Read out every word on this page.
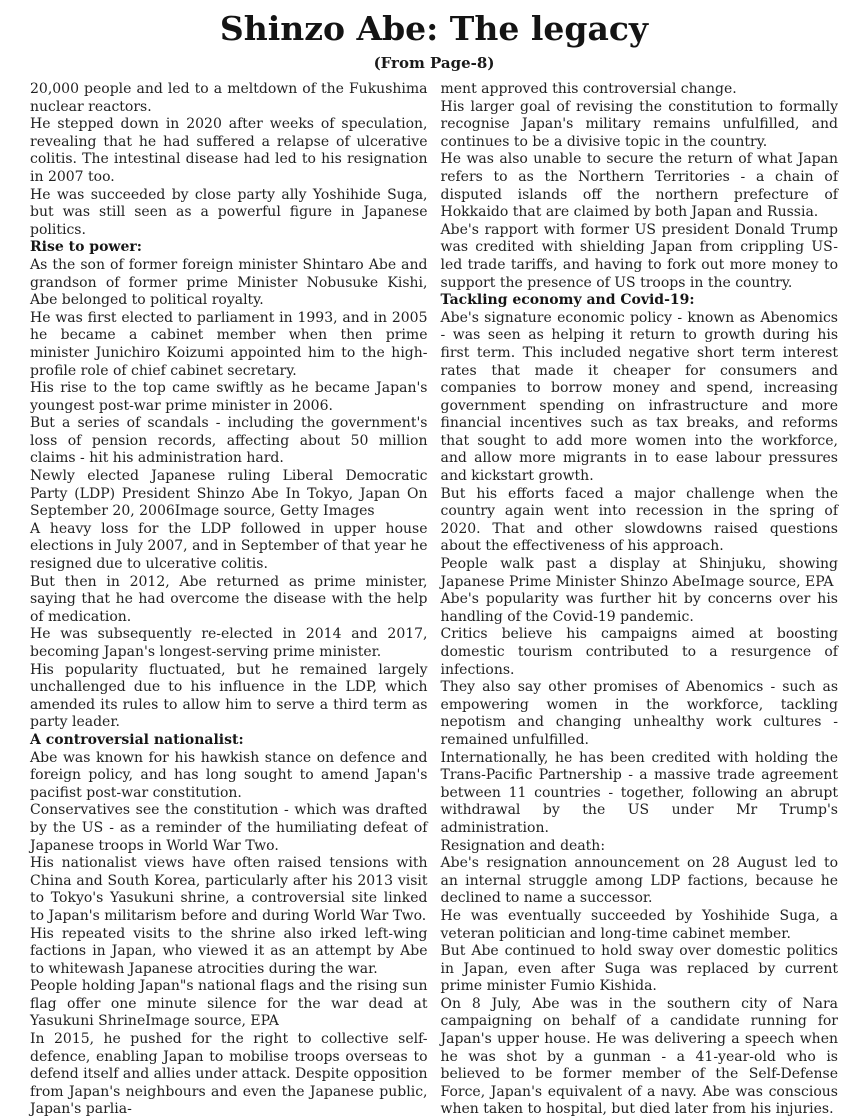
Shinzo Abe: The legacy
(From Page-8)

20,000 people and led to a meltdown of the Fukushima nuclear reactors.

He stepped down in 2020 after weeks of speculation, revealing that he had suffered a relapse of ulcerative colitis. The intestinal disease had led to his resignation in 2007 too.

He was succeeded by close party ally Yoshihide Suga, but was still seen as a powerful figure in Japanese politics.

Rise to power:

As the son of former foreign minister Shintaro Abe and grandson of former prime Minister Nobusuke Kishi, Abe belonged to political royalty.

He was first elected to parliament in 1993, and in 2005 he became a cabinet member when then prime minister Junichiro Koizumi appointed him to the high-profile role of chief cabinet secretary.

His rise to the top came swiftly as he became Japan's youngest post-war prime minister in 2006.

But a series of scandals - including the government's loss of pension records, affecting about 50 million claims - hit his administration hard.

Newly elected Japanese ruling Liberal Democratic Party (LDP) President Shinzo Abe In Tokyo, Japan On September 20, 2006Image source, Getty Images

A heavy loss for the LDP followed in upper house elections in July 2007, and in September of that year he resigned due to ulcerative colitis.

But then in 2012, Abe returned as prime minister, saying that he had overcome the disease with the help of medication.

He was subsequently re-elected in 2014 and 2017, becoming Japan's longest-serving prime minister.

His popularity fluctuated, but he remained largely unchallenged due to his influence in the LDP, which amended its rules to allow him to serve a third term as party leader.

A controversial nationalist:

Abe was known for his hawkish stance on defence and foreign policy, and has long sought to amend Japan's pacifist post-war constitution.

Conservatives see the constitution - which was drafted by the US - as a reminder of the humiliating defeat of Japanese troops in World War Two.

His nationalist views have often raised tensions with China and South Korea, particularly after his 2013 visit to Tokyo's Yasukuni shrine, a controversial site linked to Japan's militarism before and during World War Two.

His repeated visits to the shrine also irked left-wing factions in Japan, who viewed it as an attempt by Abe to whitewash Japanese atrocities during the war.

People holding Japan"s national flags and the rising sun flag offer one minute silence for the war dead at Yasukuni ShrineImage source, EPA

In 2015, he pushed for the right to collective self-defence, enabling Japan to mobilise troops overseas to defend itself and allies under attack. Despite opposition from Japan's neighbours and even the Japanese public, Japan's parlia-

ment approved this controversial change.

His larger goal of revising the constitution to formally recognise Japan's military remains unfulfilled, and continues to be a divisive topic in the country.

He was also unable to secure the return of what Japan refers to as the Northern Territories - a chain of disputed islands off the northern prefecture of Hokkaido that are claimed by both Japan and Russia.

Abe's rapport with former US president Donald Trump was credited with shielding Japan from crippling US-led trade tariffs, and having to fork out more money to support the presence of US troops in the country.

Tackling economy and Covid-19:

Abe's signature economic policy - known as Abenomics - was seen as helping it return to growth during his first term. This included negative short term interest rates that made it cheaper for consumers and companies to borrow money and spend, increasing government spending on infrastructure and more financial incentives such as tax breaks, and reforms that sought to add more women into the workforce, and allow more migrants in to ease labour pressures and kickstart growth.

But his efforts faced a major challenge when the country again went into recession in the spring of 2020. That and other slowdowns raised questions about the effectiveness of his approach.

People walk past a display at Shinjuku, showing Japanese Prime Minister Shinzo AbeImage source, EPA

Abe's popularity was further hit by concerns over his handling of the Covid-19 pandemic.

Critics believe his campaigns aimed at boosting domestic tourism contributed to a resurgence of infections.

They also say other promises of Abenomics - such as empowering women in the workforce, tackling nepotism and changing unhealthy work cultures - remained unfulfilled.

Internationally, he has been credited with holding the Trans-Pacific Partnership - a massive trade agreement between 11 countries - together, following an abrupt withdrawal by the US under Mr Trump's administration.

Resignation and death:

Abe's resignation announcement on 28 August led to an internal struggle among LDP factions, because he declined to name a successor.

He was eventually succeeded by Yoshihide Suga, a veteran politician and long-time cabinet member.

But Abe continued to hold sway over domestic politics in Japan, even after Suga was replaced by current prime minister Fumio Kishida.

On 8 July, Abe was in the southern city of Nara campaigning on behalf of a candidate running for Japan's upper house. He was delivering a speech when he was shot by a gunman - a 41-year-old who is believed to be former member of the Self-Defense Force, Japan's equivalent of a navy. Abe was conscious when taken to hospital, but died later from his injuries.
